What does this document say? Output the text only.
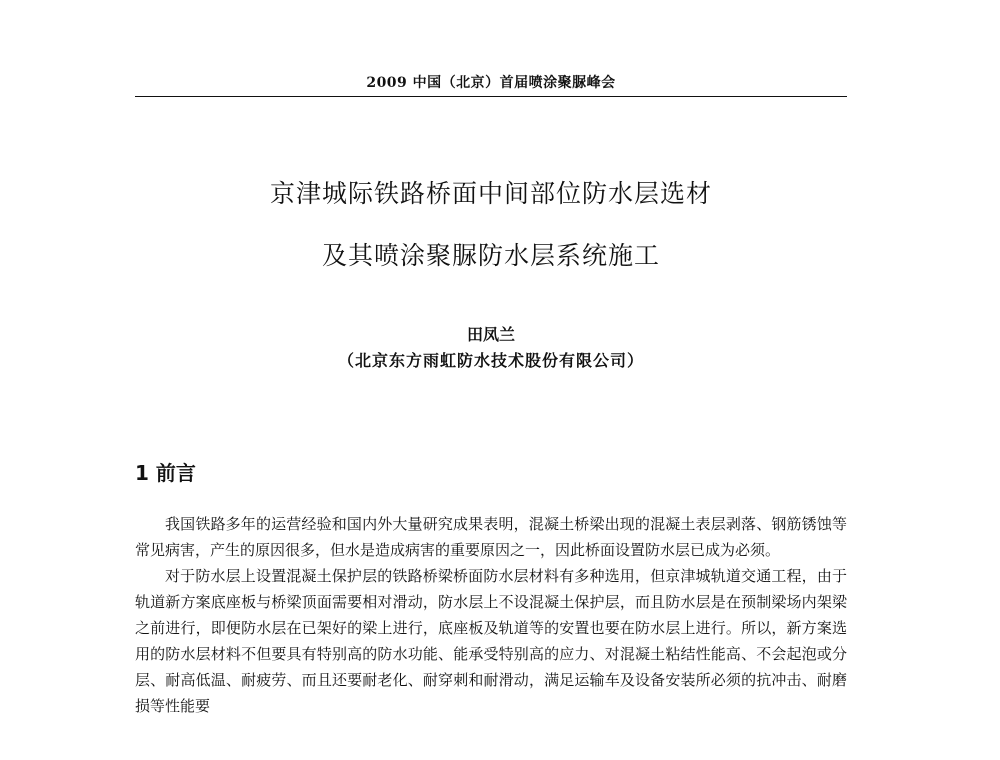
2009 中国（北京）首届喷涂聚脲峰会
京津城际铁路桥面中间部位防水层选材
及其喷涂聚脲防水层系统施工
田凤兰
（北京东方雨虹防水技术股份有限公司）
1 前言

我国铁路多年的运营经验和国内外大量研究成果表明，混凝土桥梁出现的混凝土表层剥落、钢筋锈蚀等常见病害，产生的原因很多，但水是造成病害的重要原因之一，因此桥面设置防水层已成为必须。

对于防水层上设置混凝土保护层的铁路桥梁桥面防水层材料有多种选用，但京津城轨道交通工程，由于轨道新方案底座板与桥梁顶面需要相对滑动，防水层上不设混凝土保护层，而且防水层是在预制梁场内架梁之前进行，即便防水层在已架好的梁上进行，底座板及轨道等的安置也要在防水层上进行。所以，新方案选用的防水层材料不但要具有特别高的防水功能、能承受特别高的应力、对混凝土粘结性能高、不会起泡或分层、耐高低温、耐疲劳、而且还要耐老化、耐穿刺和耐滑动，满足运输车及设备安装所必须的抗冲击、耐磨损等性能要
